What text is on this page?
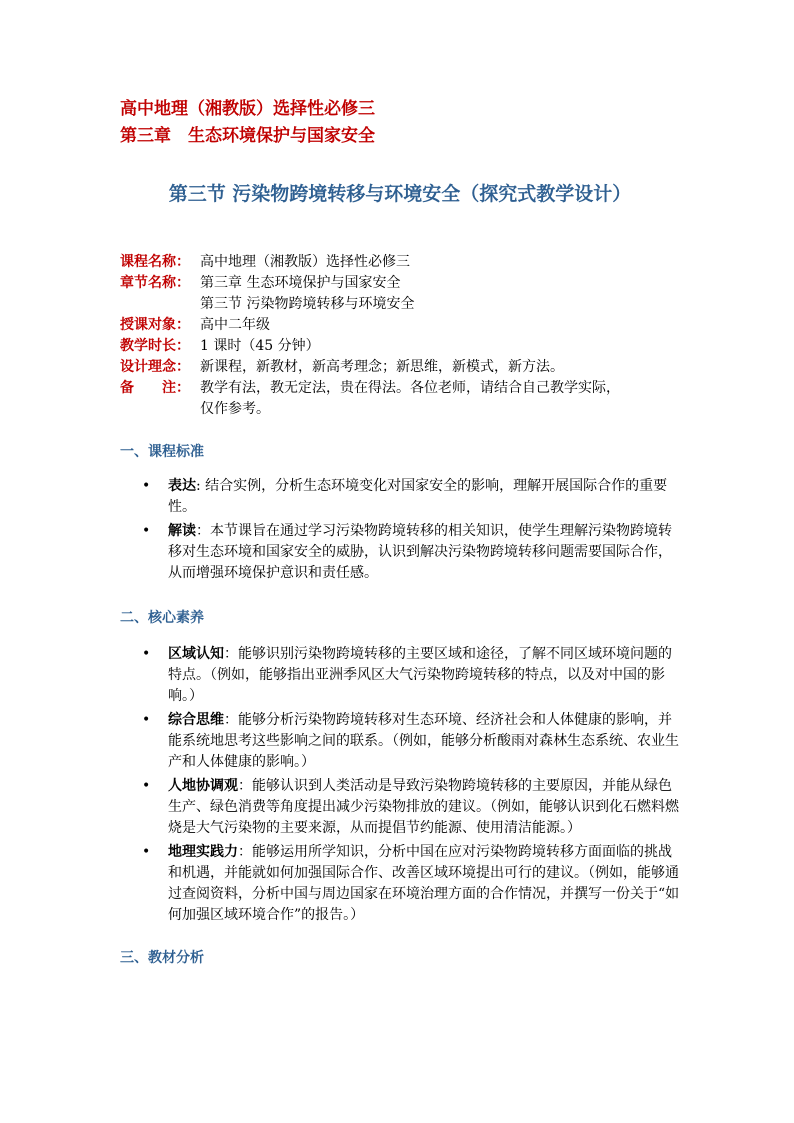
高中地理（湘教版）选择性必修三
第三章　生态环境保护与国家安全
第三节 污染物跨境转移与环境安全（探究式教学设计）
课程名称： 高中地理（湘教版）选择性必修三
章节名称： 第三章 生态环境保护与国家安全
第三节 污染物跨境转移与环境安全
授课对象： 高中二年级
教学时长： 1 课时（45 分钟）
设计理念： 新课程，新教材，新高考理念；新思维，新模式，新方法。
备　　注： 教学有法，教无定法，贵在得法。各位老师，请结合自己教学实际，
仅作参考。
一、课程标准
• 表达: 结合实例，分析生态环境变化对国家安全的影响，理解开展国际合作的重要性。
• 解读：本节课旨在通过学习污染物跨境转移的相关知识，使学生理解污染物跨境转移对生态环境和国家安全的威胁，认识到解决污染物跨境转移问题需要国际合作，从而增强环境保护意识和责任感。
二、核心素养
• 区域认知：能够识别污染物跨境转移的主要区域和途径，了解不同区域环境问题的特点。（例如，能够指出亚洲季风区大气污染物跨境转移的特点，以及对中国的影响。）
• 综合思维：能够分析污染物跨境转移对生态环境、经济社会和人体健康的影响，并能系统地思考这些影响之间的联系。（例如，能够分析酸雨对森林生态系统、农业生产和人体健康的影响。）
• 人地协调观：能够认识到人类活动是导致污染物跨境转移的主要原因，并能从绿色生产、绿色消费等角度提出减少污染物排放的建议。（例如，能够认识到化石燃料燃烧是大气污染物的主要来源，从而提倡节约能源、使用清洁能源。）
• 地理实践力：能够运用所学知识，分析中国在应对污染物跨境转移方面面临的挑战和机遇，并能就如何加强国际合作、改善区域环境提出可行的建议。（例如，能够通过查阅资料，分析中国与周边国家在环境治理方面的合作情况，并撰写一份关于“如何加强区域环境合作”的报告。）
三、教材分析
